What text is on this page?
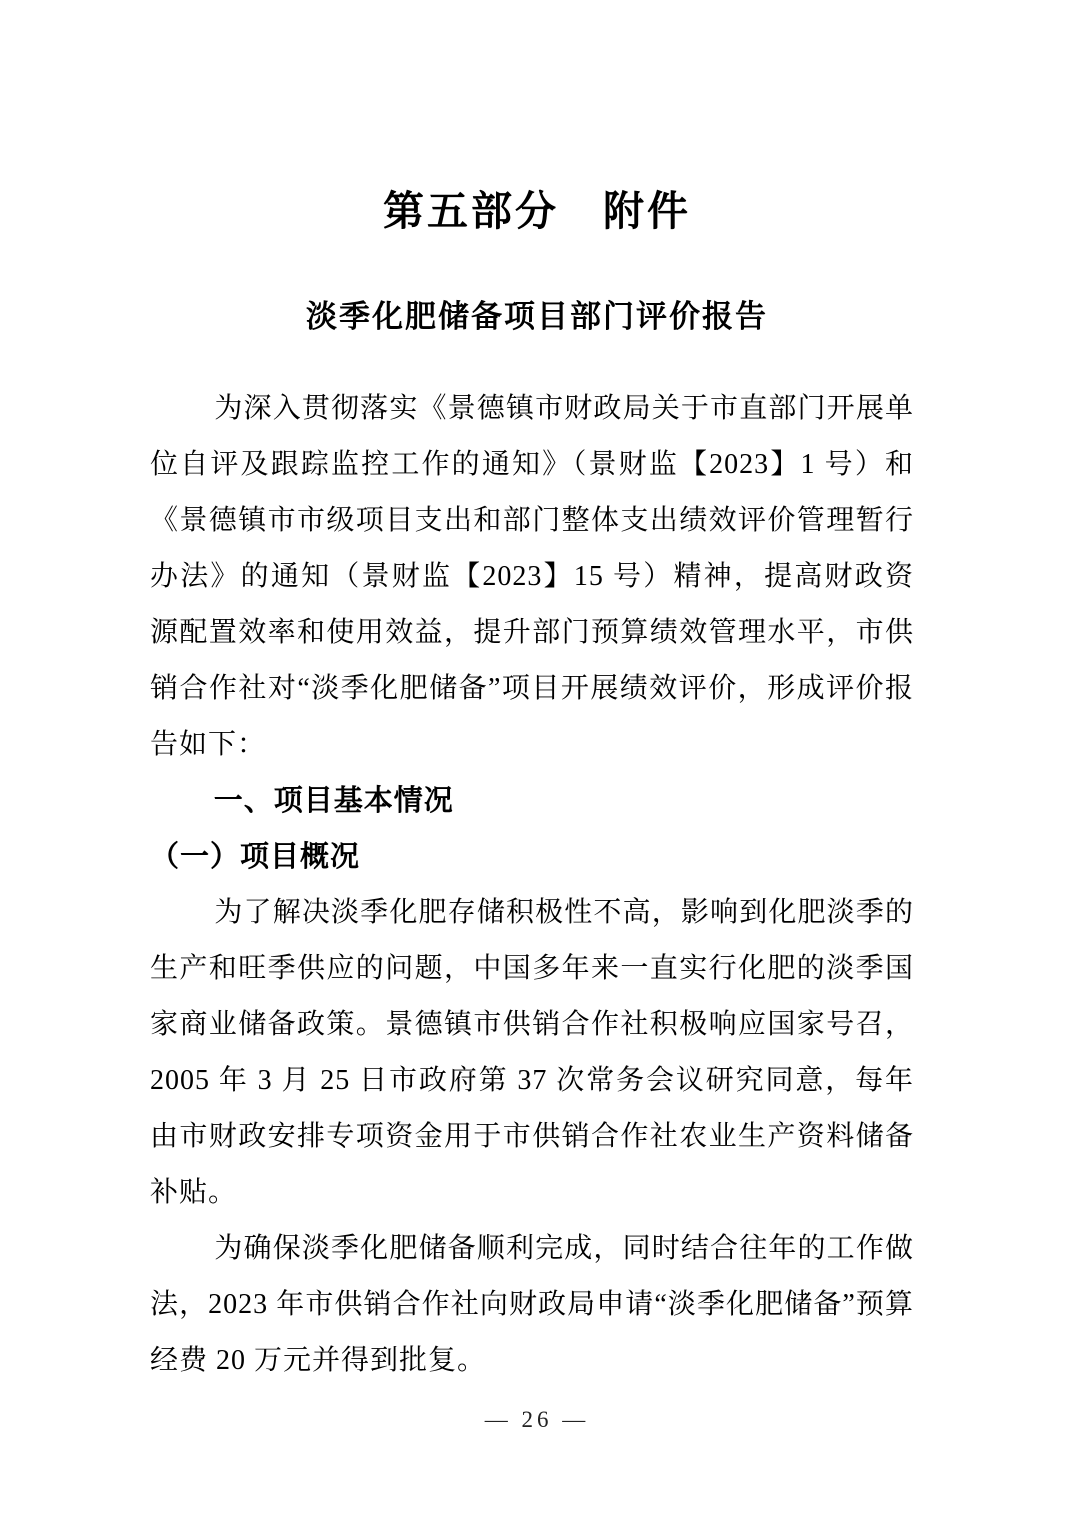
第五部分　附件
淡季化肥储备项目部门评价报告

为深入贯彻落实《景德镇市财政局关于市直部门开展单位自评及跟踪监控工作的通知》（景财监【2023】1 号）和《景德镇市市级项目支出和部门整体支出绩效评价管理暂行办法》的通知（景财监【2023】15 号）精神，提高财政资源配置效率和使用效益，提升部门预算绩效管理水平，市供销合作社对“淡季化肥储备”项目开展绩效评价，形成评价报告如下：

一、项目基本情况
（一）项目概况

为了解决淡季化肥存储积极性不高，影响到化肥淡季的生产和旺季供应的问题，中国多年来一直实行化肥的淡季国家商业储备政策。景德镇市供销合作社积极响应国家号召，2005 年 3 月 25 日市政府第 37 次常务会议研究同意，每年由市财政安排专项资金用于市供销合作社农业生产资料储备补贴。

为确保淡季化肥储备顺利完成，同时结合往年的工作做法，2023 年市供销合作社向财政局申请“淡季化肥储备”预算经费 20 万元并得到批复。

— 26 —
